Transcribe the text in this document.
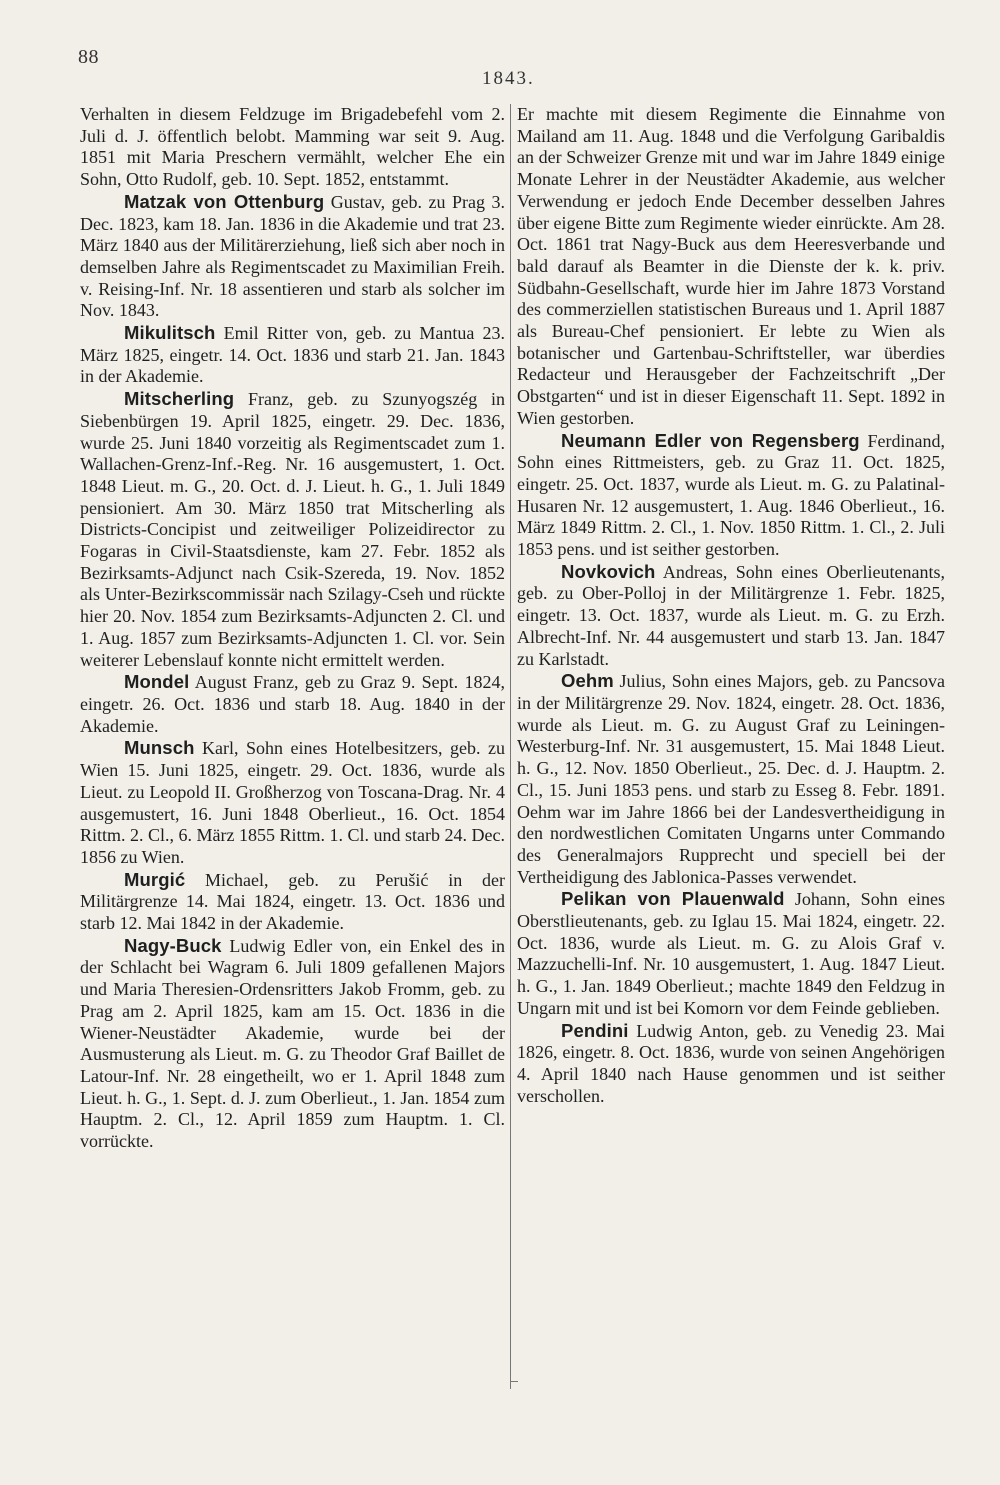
88
1843.

Verhalten in diesem Feldzuge im Brigadebefehl vom 2. Juli d. J. öffentlich belobt. Mamming war seit 9. Aug. 1851 mit Maria Preschern vermählt, welcher Ehe ein Sohn, Otto Rudolf, geb. 10. Sept. 1852, entstammt.

Matzak von Ottenburg Gustav, geb. zu Prag 3. Dec. 1823, kam 18. Jan. 1836 in die Akademie und trat 23. März 1840 aus der Militärerziehung, ließ sich aber noch in demselben Jahre als Regimentscadet zu Maximilian Freih. v. Reising-Inf. Nr. 18 assentieren und starb als solcher im Nov. 1843.

Mikulitsch Emil Ritter von, geb. zu Mantua 23. März 1825, eingetr. 14. Oct. 1836 und starb 21. Jan. 1843 in der Akademie.

Mitscherling Franz, geb. zu Szunyogszég in Siebenbürgen 19. April 1825, eingetr. 29. Dec. 1836, wurde 25. Juni 1840 vorzeitig als Regimentscadet zum 1. Wallachen-Grenz-Inf.-Reg. Nr. 16 ausgemustert, 1. Oct. 1848 Lieut. m. G., 20. Oct. d. J. Lieut. h. G., 1. Juli 1849 pensioniert. Am 30. März 1850 trat Mitscherling als Districts-Concipist und zeitweiliger Polizeidirector zu Fogaras in Civil-Staatsdienste, kam 27. Febr. 1852 als Bezirksamts-Adjunct nach Csik-Szereda, 19. Nov. 1852 als Unter-Bezirkscommissär nach Szilagy-Cseh und rückte hier 20. Nov. 1854 zum Bezirksamts-Adjuncten 2. Cl. und 1. Aug. 1857 zum Bezirksamts-Adjuncten 1. Cl. vor. Sein weiterer Lebenslauf konnte nicht ermittelt werden.

Mondel August Franz, geb zu Graz 9. Sept. 1824, eingetr. 26. Oct. 1836 und starb 18. Aug. 1840 in der Akademie.

Munsch Karl, Sohn eines Hotelbesitzers, geb. zu Wien 15. Juni 1825, eingetr. 29. Oct. 1836, wurde als Lieut. zu Leopold II. Großherzog von Toscana-Drag. Nr. 4 ausgemustert, 16. Juni 1848 Oberlieut., 16. Oct. 1854 Rittm. 2. Cl., 6. März 1855 Rittm. 1. Cl. und starb 24. Dec. 1856 zu Wien.

Murgić Michael, geb. zu Perušić in der Militärgrenze 14. Mai 1824, eingetr. 13. Oct. 1836 und starb 12. Mai 1842 in der Akademie.

Nagy-Buck Ludwig Edler von, ein Enkel des in der Schlacht bei Wagram 6. Juli 1809 gefallenen Majors und Maria Theresien-Ordensritters Jakob Fromm, geb. zu Prag am 2. April 1825, kam am 15. Oct. 1836 in die Wiener-Neustädter Akademie, wurde bei der Ausmusterung als Lieut. m. G. zu Theodor Graf Baillet de Latour-Inf. Nr. 28 eingetheilt, wo er 1. April 1848 zum Lieut. h. G., 1. Sept. d. J. zum Oberlieut., 1. Jan. 1854 zum Hauptm. 2. Cl., 12. April 1859 zum Hauptm. 1. Cl. vorrückte.

Er machte mit diesem Regimente die Einnahme von Mailand am 11. Aug. 1848 und die Verfolgung Garibaldis an der Schweizer Grenze mit und war im Jahre 1849 einige Monate Lehrer in der Neustädter Akademie, aus welcher Verwendung er jedoch Ende December desselben Jahres über eigene Bitte zum Regimente wieder einrückte. Am 28. Oct. 1861 trat Nagy-Buck aus dem Heeresverbande und bald darauf als Beamter in die Dienste der k. k. priv. Südbahn-Gesellschaft, wurde hier im Jahre 1873 Vorstand des commerziellen statistischen Bureaus und 1. April 1887 als Bureau-Chef pensioniert. Er lebte zu Wien als botanischer und Gartenbau-Schriftsteller, war überdies Redacteur und Herausgeber der Fachzeitschrift „Der Obstgarten“ und ist in dieser Eigenschaft 11. Sept. 1892 in Wien gestorben.

Neumann Edler von Regensberg Ferdinand, Sohn eines Rittmeisters, geb. zu Graz 11. Oct. 1825, eingetr. 25. Oct. 1837, wurde als Lieut. m. G. zu Palatinal-Husaren Nr. 12 ausgemustert, 1. Aug. 1846 Oberlieut., 16. März 1849 Rittm. 2. Cl., 1. Nov. 1850 Rittm. 1. Cl., 2. Juli 1853 pens. und ist seither gestorben.

Novkovich Andreas, Sohn eines Oberlieutenants, geb. zu Ober-Polloj in der Militärgrenze 1. Febr. 1825, eingetr. 13. Oct. 1837, wurde als Lieut. m. G. zu Erzh. Albrecht-Inf. Nr. 44 ausgemustert und starb 13. Jan. 1847 zu Karlstadt.

Oehm Julius, Sohn eines Majors, geb. zu Pancsova in der Militärgrenze 29. Nov. 1824, eingetr. 28. Oct. 1836, wurde als Lieut. m. G. zu August Graf zu Leiningen-Westerburg-Inf. Nr. 31 ausgemustert, 15. Mai 1848 Lieut. h. G., 12. Nov. 1850 Oberlieut., 25. Dec. d. J. Hauptm. 2. Cl., 15. Juni 1853 pens. und starb zu Esseg 8. Febr. 1891. Oehm war im Jahre 1866 bei der Landesvertheidigung in den nordwestlichen Comitaten Ungarns unter Commando des Generalmajors Rupprecht und speciell bei der Vertheidigung des Jablonica-Passes verwendet.

Pelikan von Plauenwald Johann, Sohn eines Oberstlieutenants, geb. zu Iglau 15. Mai 1824, eingetr. 22. Oct. 1836, wurde als Lieut. m. G. zu Alois Graf v. Mazzuchelli-Inf. Nr. 10 ausgemustert, 1. Aug. 1847 Lieut. h. G., 1. Jan. 1849 Oberlieut.; machte 1849 den Feldzug in Ungarn mit und ist bei Komorn vor dem Feinde geblieben.

Pendini Ludwig Anton, geb. zu Venedig 23. Mai 1826, eingetr. 8. Oct. 1836, wurde von seinen Angehörigen 4. April 1840 nach Hause genommen und ist seither verschollen.
